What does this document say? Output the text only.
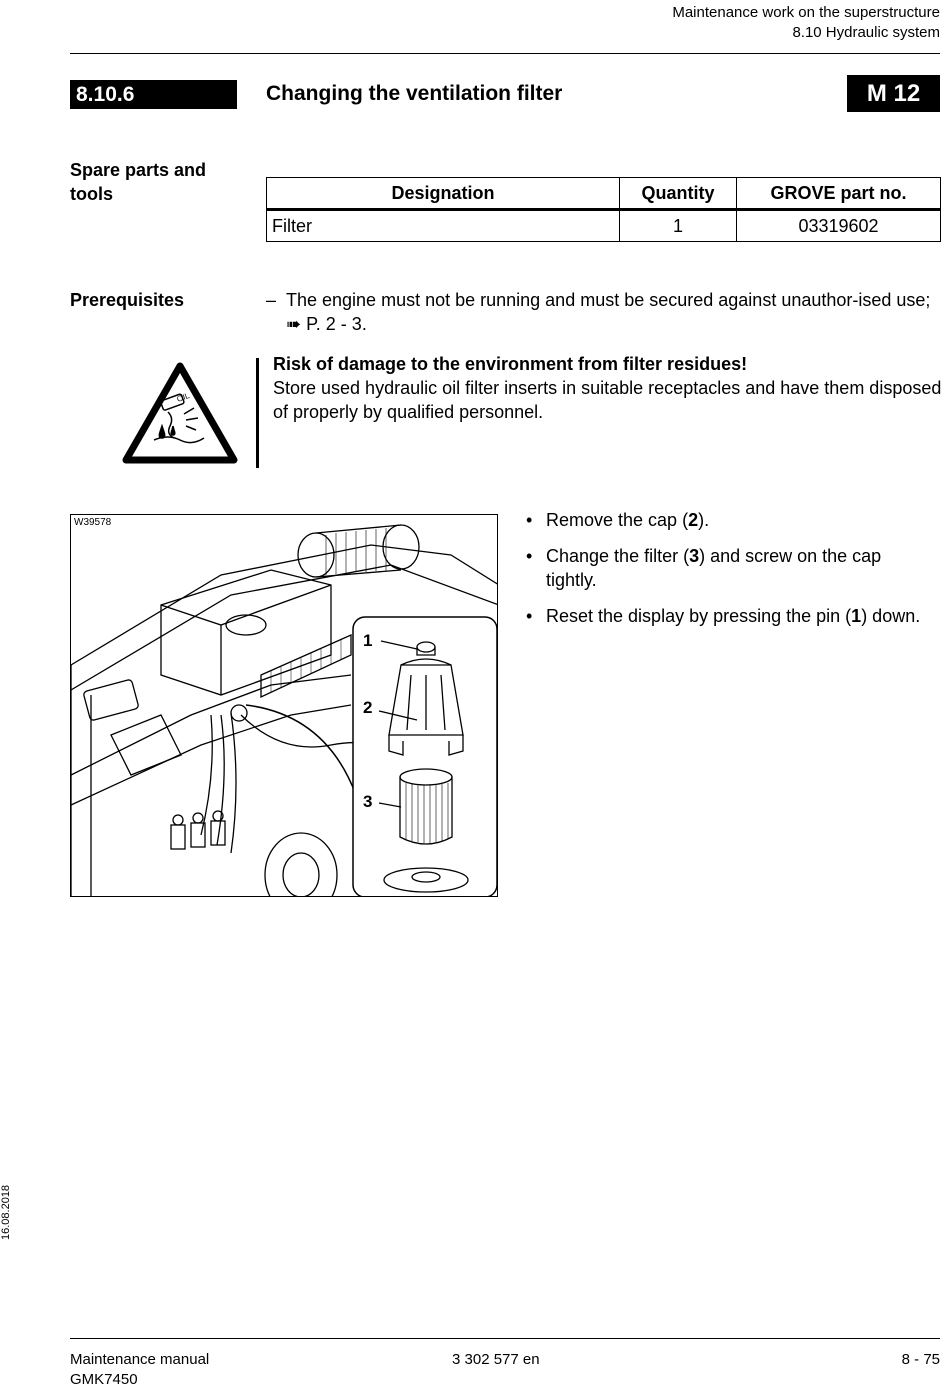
Maintenance work on the superstructure
8.10 Hydraulic system
8.10.6	Changing the ventilation filter	M 12
Spare parts and tools	Designation	Quantity	GROVE part no.
Filter	1	03319602
Prerequisites	– The engine must not be running and must be secured against unauthor-ised use; ➠ P. 2 - 3.
OIL
Risk of damage to the environment from filter residues!
Store used hydraulic oil filter inserts in suitable receptacles and have them disposed of properly by qualified personnel.
W39578
1
2
3
• Remove the cap (2).
• Change the filter (3) and screw on the cap tightly.
• Reset the display by pressing the pin (1) down.
16.08.2018
Maintenance manual
GMK7450
3 302 577 en	8 - 75
